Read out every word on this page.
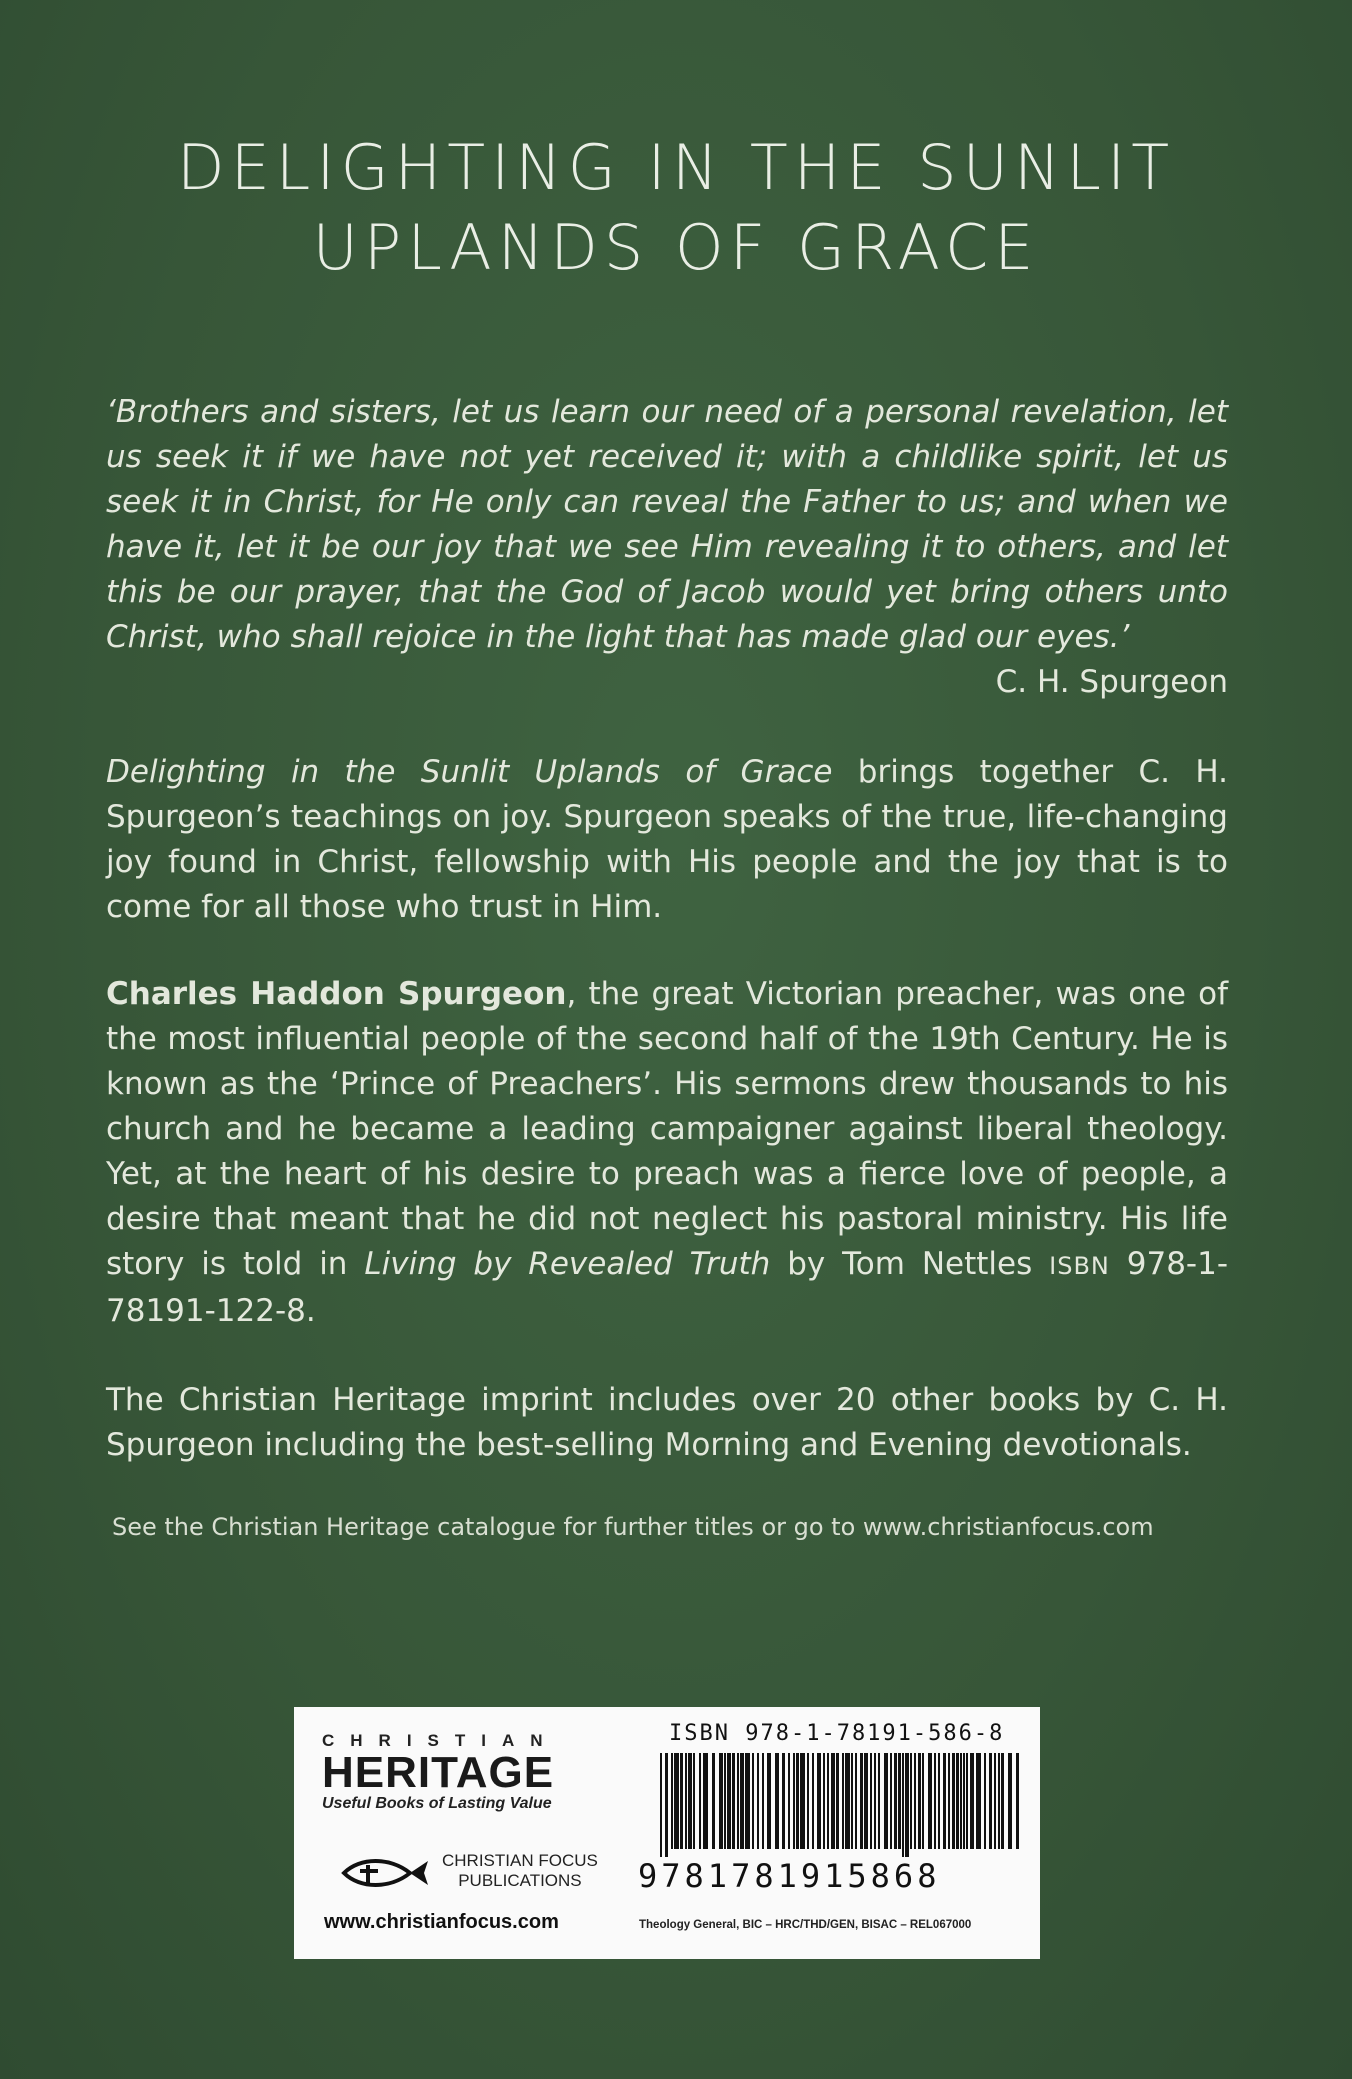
DELIGHTING IN THE SUNLIT
UPLANDS OF GRACE

‘Brothers and sisters, let us learn our need of a personal revelation, let us seek it if we have not yet received it; with a childlike spirit, let us seek it in Christ, for He only can reveal the Father to us; and when we have it, let it be our joy that we see Him revealing it to others, and let this be our prayer, that the God of Jacob would yet bring others unto Christ, who shall rejoice in the light that has made glad our eyes.’

C. H. Spurgeon
Delighting in the Sunlit Uplands of Grace brings together C. H. Spurgeon’s teachings on joy. Spurgeon speaks of the true, life-changing joy found in Christ, fellowship with His people and the joy that is to come for all those who trust in Him.
Charles Haddon Spurgeon, the great Victorian preacher, was one of the most influential people of the second half of the 19th Century. He is known as the ‘Prince of Preachers’. His sermons drew thousands to his church and he became a leading campaigner against liberal theology. Yet, at the heart of his desire to preach was a fierce love of people, a desire that meant that he did not neglect his pastoral ministry. His life story is told in Living by Revealed Truth by Tom Nettles ISBN 978-1-78191-122-8.
The Christian Heritage imprint includes over 20 other books by C. H. Spurgeon including the best-selling Morning and Evening devotionals.
See the Christian Heritage catalogue for further titles or go to www.christianfocus.com
CHRISTIAN
HERITAGE
Useful Books of Lasting Value
CHRISTIAN FOCUS
PUBLICATIONS
www.christianfocus.com
ISBN 978-1-78191-586-8
9781781915868
Theology General, BIC – HRC/THD/GEN, BISAC – REL067000
